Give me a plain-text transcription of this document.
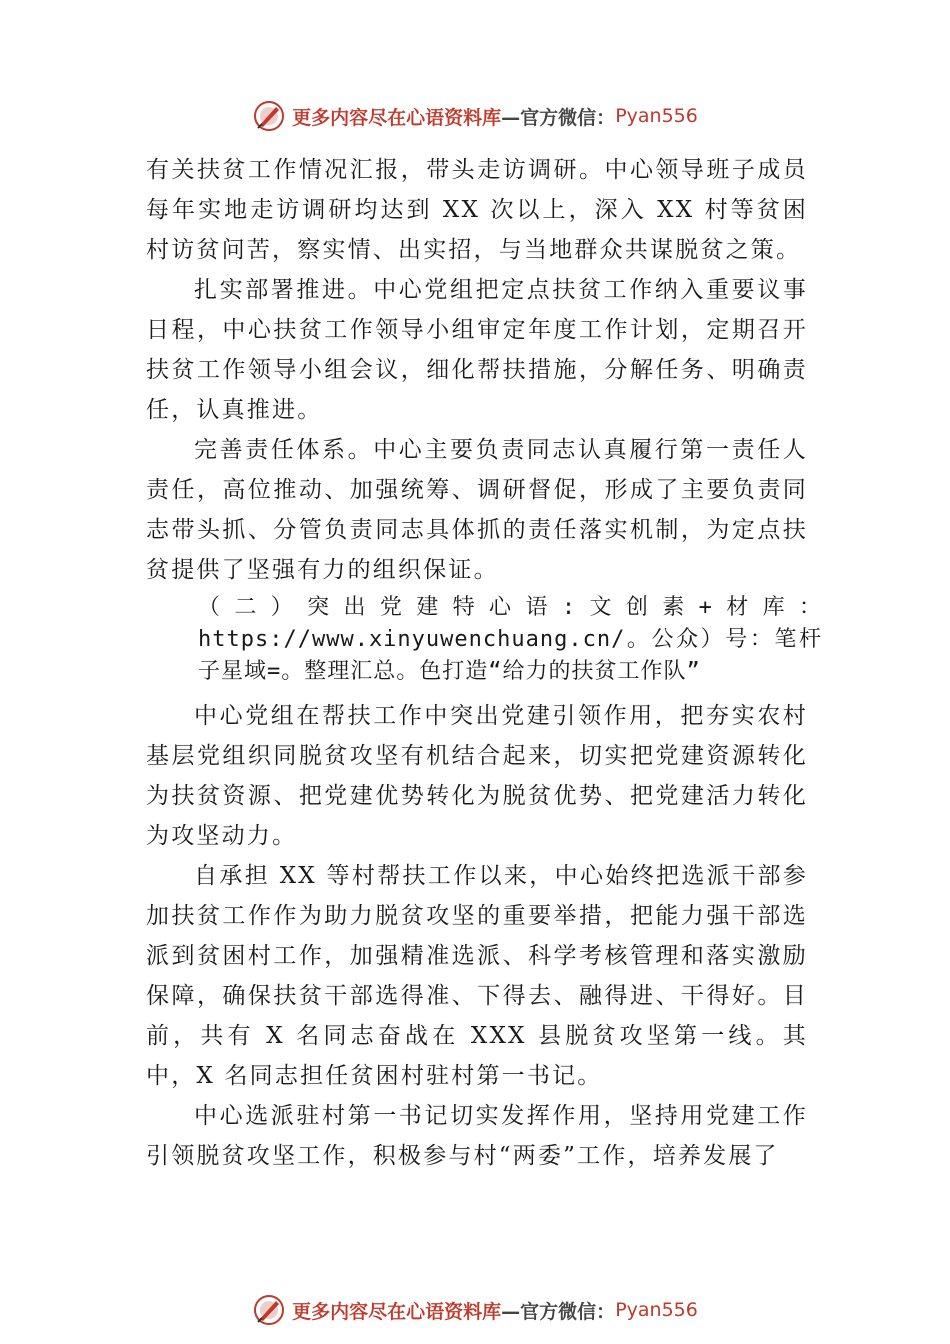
更多内容尽在心语资料库 —官方微信： Pyan556

有关扶贫工作情况汇报，带头走访调研。中心领导班子成员每年实地走访调研均达到 XX 次以上，深入 XX 村等贫困村访贫问苦，察实情、出实招，与当地群众共谋脱贫之策。

扎实部署推进。中心党组把定点扶贫工作纳入重要议事日程，中心扶贫工作领导小组审定年度工作计划，定期召开扶贫工作领导小组会议，细化帮扶措施，分解任务、明确责任，认真推进。

完善责任体系。中心主要负责同志认真履行第一责任人责任，高位推动、加强统筹、调研督促，形成了主要负责同志带头抓、分管负责同志具体抓的责任落实机制，为定点扶贫提供了坚强有力的组织保证。

（二）突出党建特心语:文创素+材库：https://www.xinyuwenchuang.cn/。公众）号：笔杆子星域=。整理汇总。色打造“给力的扶贫工作队”

中心党组在帮扶工作中突出党建引领作用，把夯实农村基层党组织同脱贫攻坚有机结合起来，切实把党建资源转化为扶贫资源、把党建优势转化为脱贫优势、把党建活力转化为攻坚动力。

自承担 XX 等村帮扶工作以来，中心始终把选派干部参加扶贫工作作为助力脱贫攻坚的重要举措，把能力强干部选派到贫困村工作，加强精准选派、科学考核管理和落实激励保障，确保扶贫干部选得准、下得去、融得进、干得好。目前，共有 X 名同志奋战在 XXX 县脱贫攻坚第一线。其中，X 名同志担任贫困村驻村第一书记。

中心选派驻村第一书记切实发挥作用，坚持用党建工作引领脱贫攻坚工作，积极参与村“两委”工作，培养发展了

更多内容尽在心语资料库 —官方微信： Pyan556
